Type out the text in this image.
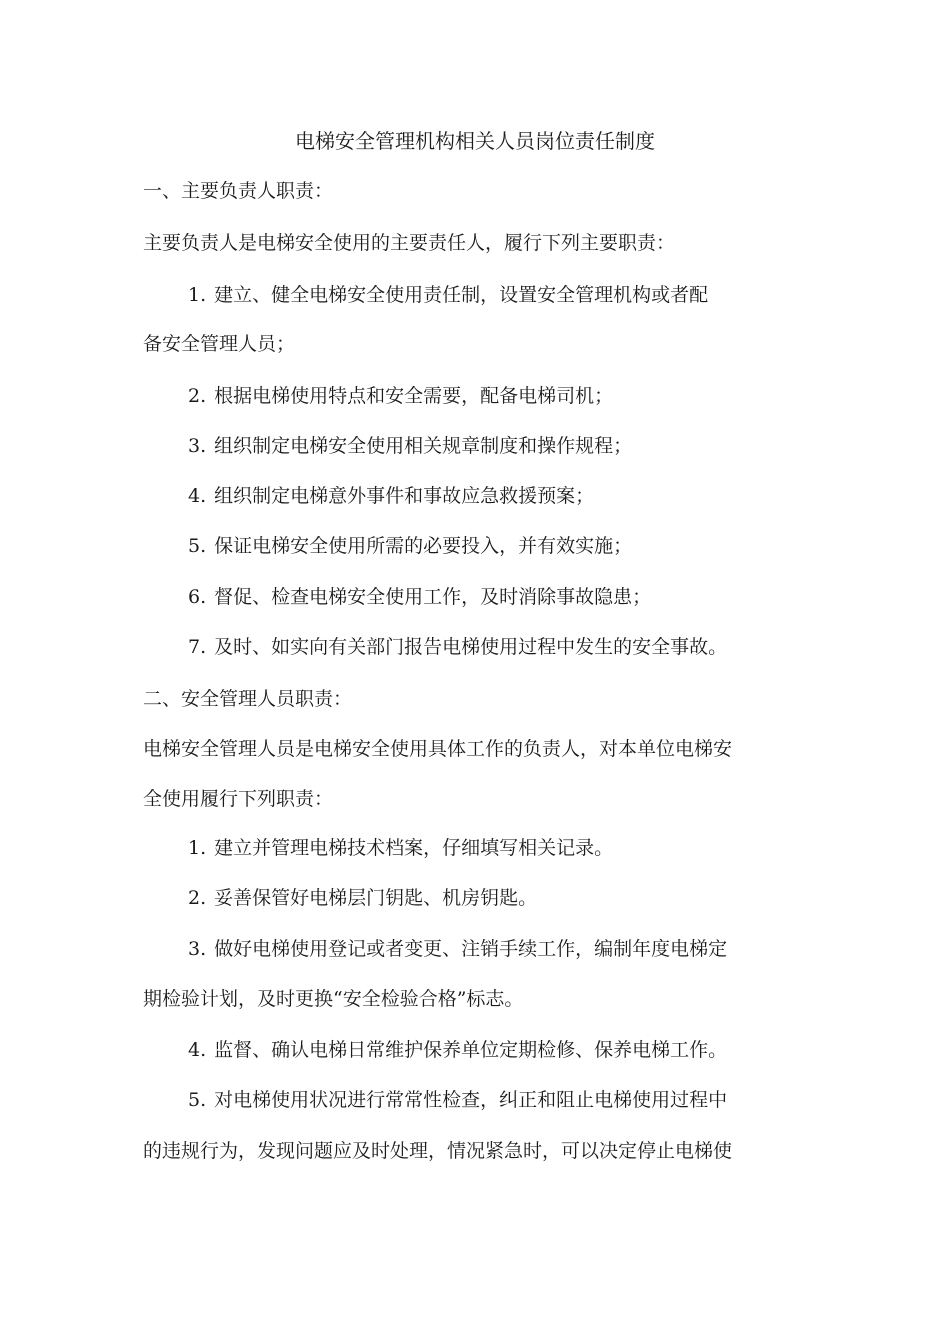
电梯安全管理机构相关人员岗位责任制度
一、主要负责人职责：
主要负责人是电梯安全使用的主要责任人，履行下列主要职责：
1. 建立、健全电梯安全使用责任制，设置安全管理机构或者配
备安全管理人员；
2. 根据电梯使用特点和安全需要，配备电梯司机；
3. 组织制定电梯安全使用相关规章制度和操作规程；
4. 组织制定电梯意外事件和事故应急救援预案；
5. 保证电梯安全使用所需的必要投入，并有效实施；
6. 督促、检查电梯安全使用工作，及时消除事故隐患；
7. 及时、如实向有关部门报告电梯使用过程中发生的安全事故。
二、安全管理人员职责：
电梯安全管理人员是电梯安全使用具体工作的负责人，对本单位电梯安
全使用履行下列职责：
1. 建立并管理电梯技术档案，仔细填写相关记录。
2. 妥善保管好电梯层门钥匙、机房钥匙。
3. 做好电梯使用登记或者变更、注销手续工作，编制年度电梯定
期检验计划，及时更换“安全检验合格”标志。
4. 监督、确认电梯日常维护保养单位定期检修、保养电梯工作。
5. 对电梯使用状况进行常常性检查，纠正和阻止电梯使用过程中
的违规行为，发现问题应及时处理，情况紧急时，可以决定停止电梯使
